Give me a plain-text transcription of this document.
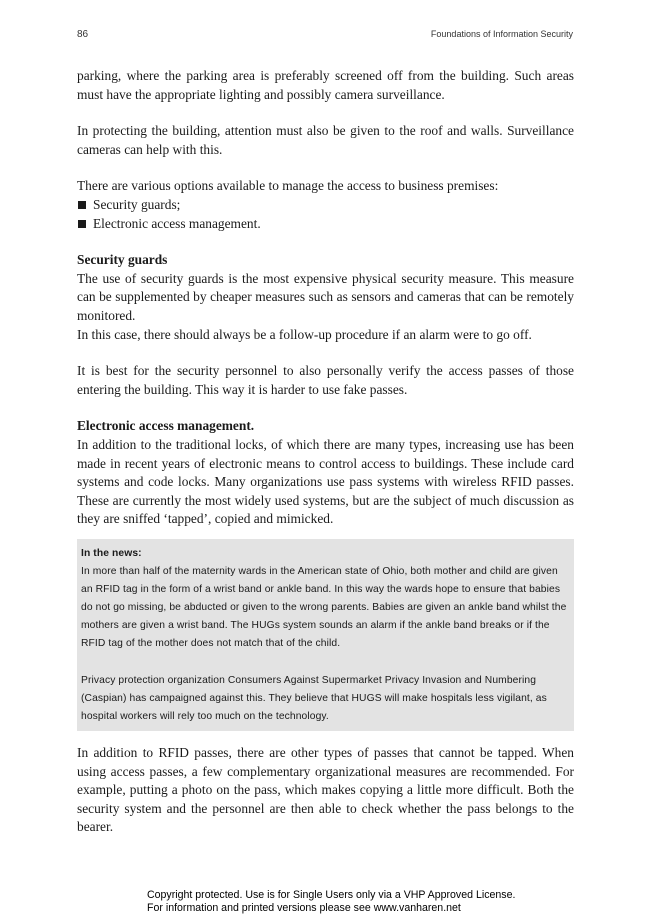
86	Foundations of Information Security

parking, where the parking area is preferably screened off from the building. Such areas must have the appropriate lighting and possibly camera surveillance.

In protecting the building, attention must also be given to the roof and walls. Surveillance cameras can help with this.

There are various options available to manage the access to business premises:

Security guards;
Electronic access management.

Security guards

The use of security guards is the most expensive physical security measure. This measure can be supplemented by cheaper measures such as sensors and cameras that can be remotely monitored.

In this case, there should always be a follow-up procedure if an alarm were to go off.

It is best for the security personnel to also personally verify the access passes of those entering the building. This way it is harder to use fake passes.

Electronic access management.

In addition to the traditional locks, of which there are many types, increasing use has been made in recent years of electronic means to control access to buildings. These include card systems and code locks. Many organizations use pass systems with wireless RFID passes. These are currently the most widely used systems, but are the subject of much discussion as they are sniffed ‘tapped’, copied and mimicked.

In the news:

In more than half of the maternity wards in the American state of Ohio, both mother and child are given an RFID tag in the form of a wrist band or ankle band. In this way the wards hope to ensure that babies do not go missing, be abducted or given to the wrong parents. Babies are given an ankle band whilst the mothers are given a wrist band. The HUGs system sounds an alarm if the ankle band breaks or if the RFID tag of the mother does not match that of the child.

Privacy protection organization Consumers Against Supermarket Privacy Invasion and Numbering (Caspian) has campaigned against this. They believe that HUGS will make hospitals less vigilant, as hospital workers will rely too much on the technology.

In addition to RFID passes, there are other types of passes that cannot be tapped. When using access passes, a few complementary organizational measures are recommended. For example, putting a photo on the pass, which makes copying a little more difficult. Both the security system and the personnel are then able to check whether the pass belongs to the bearer.

Copyright protected. Use is for Single Users only via a VHP Approved License.
For information and printed versions please see www.vanharen.net
